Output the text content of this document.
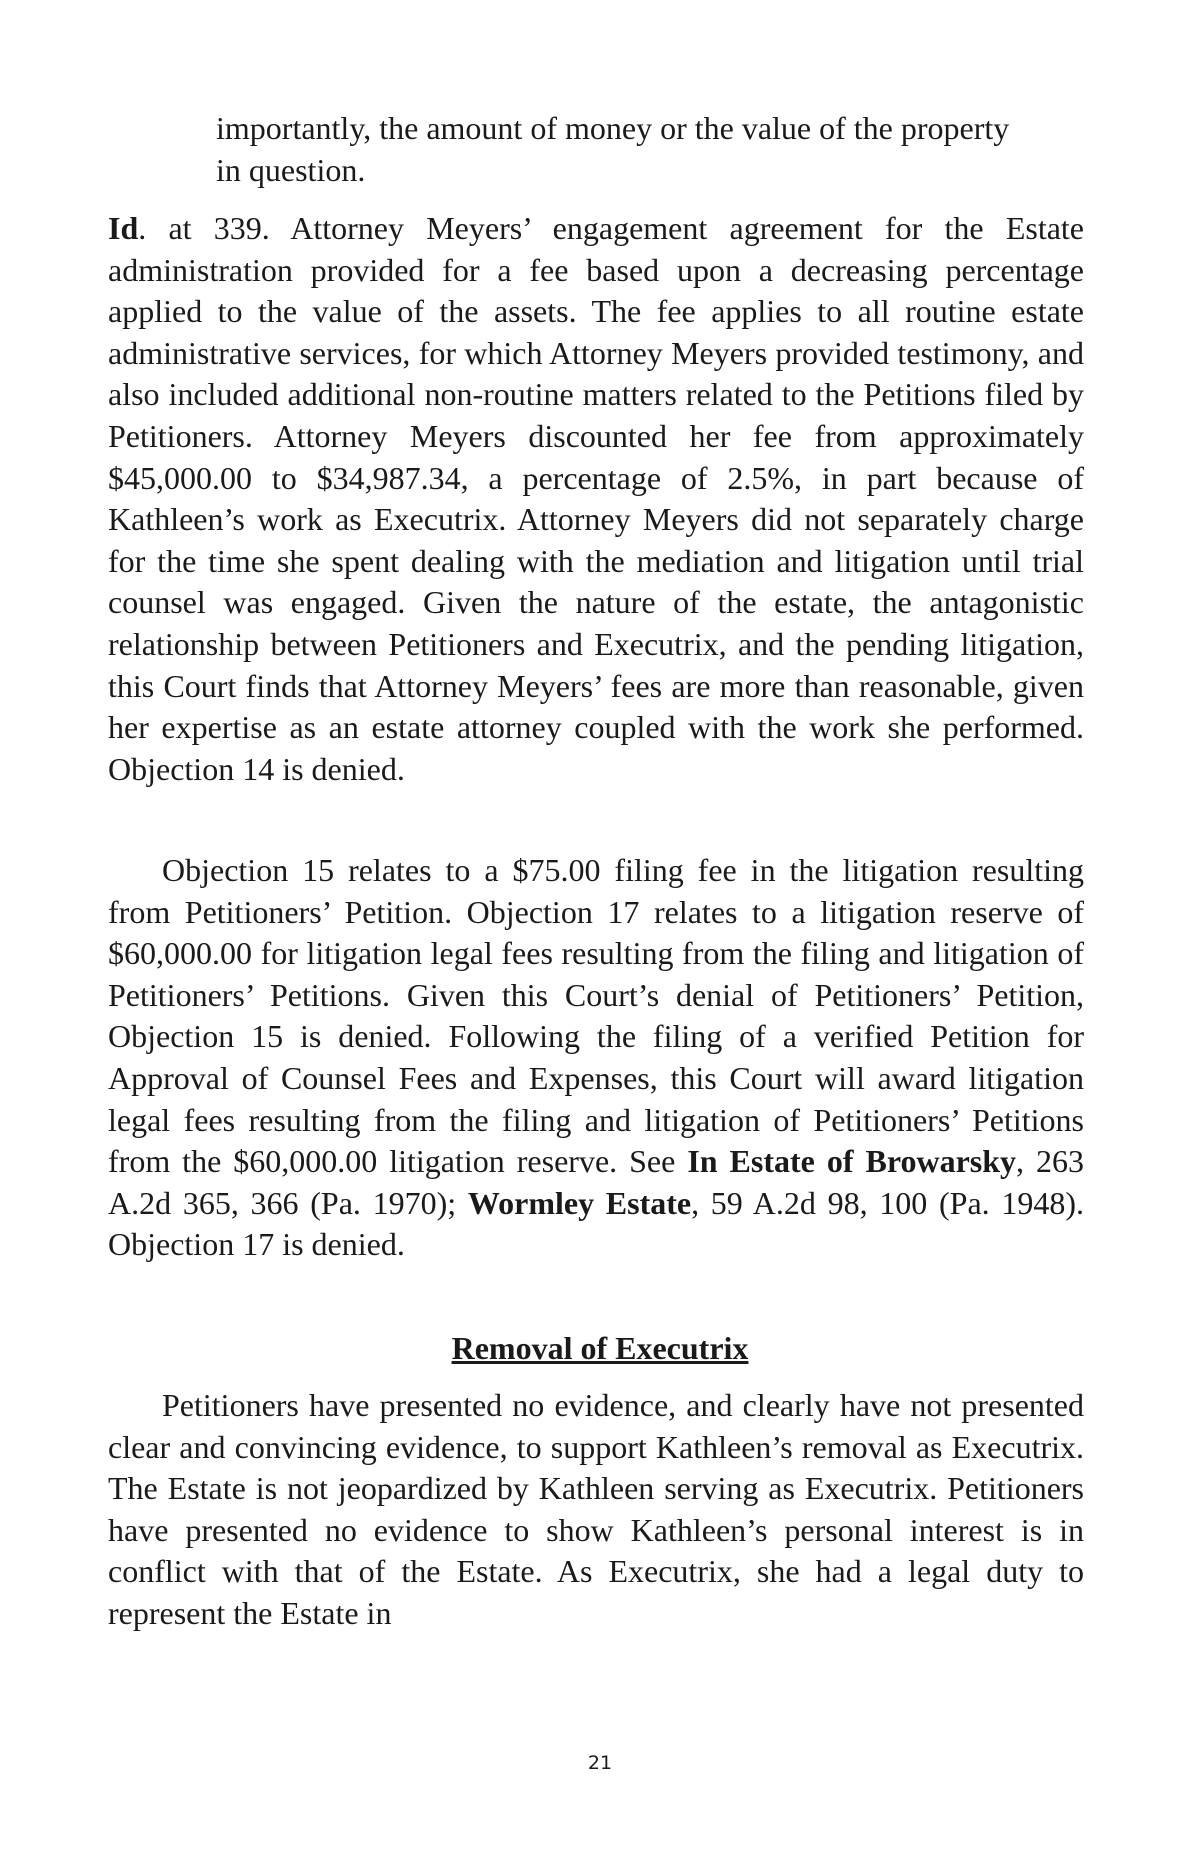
importantly, the amount of money or the value of the property in question.

Id. at 339. Attorney Meyers’ engagement agreement for the Estate administration provided for a fee based upon a decreasing percentage applied to the value of the assets. The fee applies to all routine estate administrative services, for which Attorney Meyers provided testimony, and also included additional non-routine matters related to the Petitions filed by Petitioners. Attorney Meyers discounted her fee from approximately $45,000.00 to $34,987.34, a percentage of 2.5%, in part because of Kathleen’s work as Executrix. Attorney Meyers did not separately charge for the time she spent dealing with the mediation and litigation until trial counsel was engaged. Given the nature of the estate, the antagonistic relationship between Petitioners and Executrix, and the pending litigation, this Court finds that Attorney Meyers’ fees are more than reasonable, given her expertise as an estate attorney coupled with the work she performed. Objection 14 is denied.

Objection 15 relates to a $75.00 filing fee in the litigation resulting from Petitioners’ Petition. Objection 17 relates to a litigation reserve of $60,000.00 for litigation legal fees resulting from the filing and litigation of Petitioners’ Petitions. Given this Court’s denial of Petitioners’ Petition, Objection 15 is denied. Following the filing of a verified Petition for Approval of Counsel Fees and Expenses, this Court will award litigation legal fees resulting from the filing and litigation of Petitioners’ Petitions from the $60,000.00 litigation reserve. See In Estate of Browarsky, 263 A.2d 365, 366 (Pa. 1970); Wormley Estate, 59 A.2d 98, 100 (Pa. 1948). Objection 17 is denied.

Removal of Executrix

Petitioners have presented no evidence, and clearly have not presented clear and convincing evidence, to support Kathleen’s removal as Executrix. The Estate is not jeopardized by Kathleen serving as Executrix. Petitioners have presented no evidence to show Kathleen’s personal interest is in conflict with that of the Estate. As Executrix, she had a legal duty to represent the Estate in

21
